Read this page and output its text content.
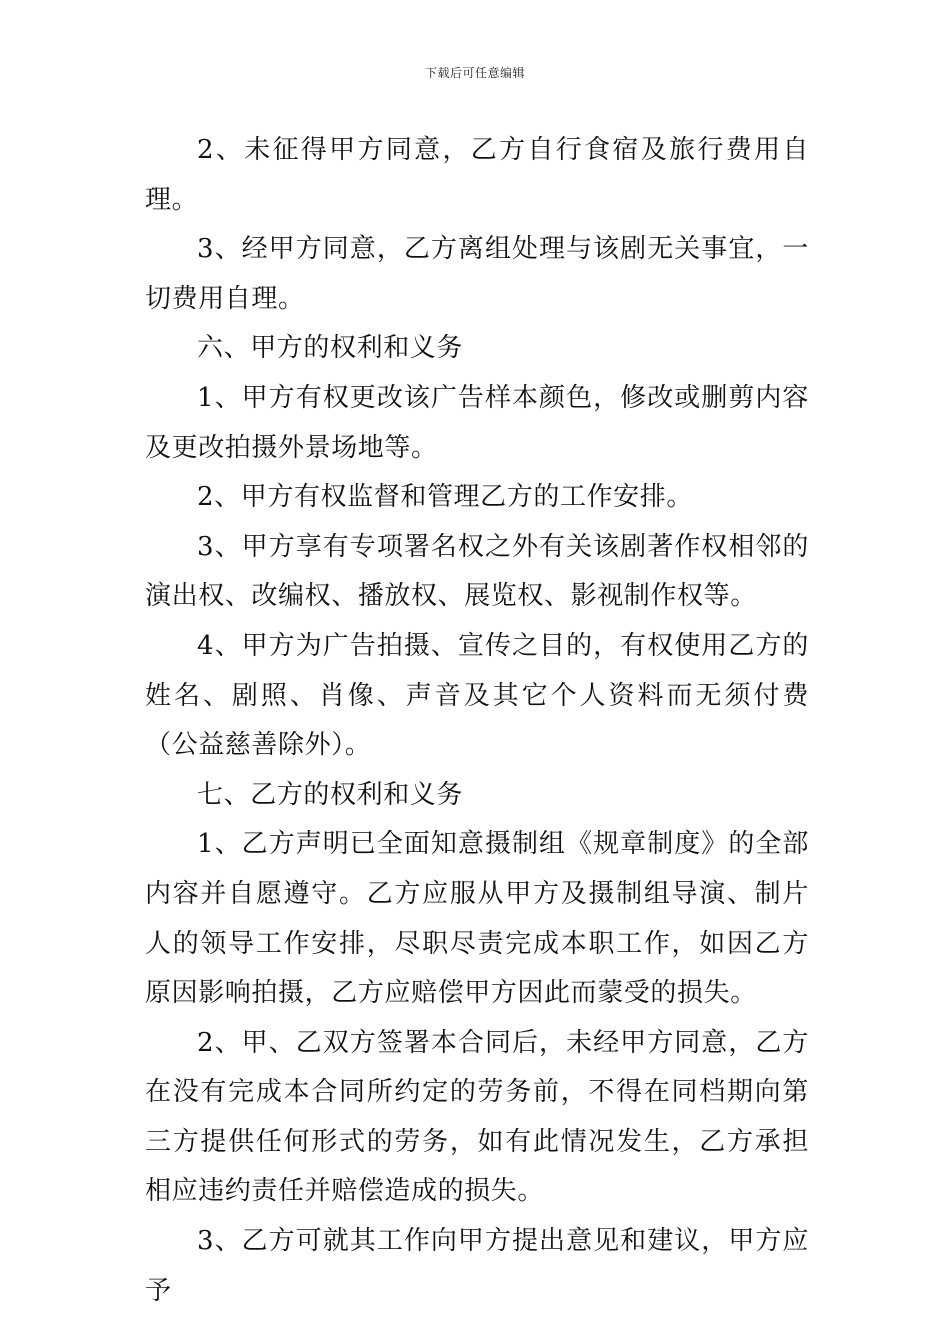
下载后可任意编辑

2、未征得甲方同意，乙方自行食宿及旅行费用自理。

3、经甲方同意，乙方离组处理与该剧无关事宜，一切费用自理。

六、甲方的权利和义务

1、甲方有权更改该广告样本颜色，修改或删剪内容及更改拍摄外景场地等。

2、甲方有权监督和管理乙方的工作安排。

3、甲方享有专项署名权之外有关该剧著作权相邻的演出权、改编权、播放权、展览权、影视制作权等。

4、甲方为广告拍摄、宣传之目的，有权使用乙方的姓名、剧照、肖像、声音及其它个人资料而无须付费（公益慈善除外）。

七、乙方的权利和义务

1、乙方声明已全面知意摄制组《规章制度》的全部内容并自愿遵守。乙方应服从甲方及摄制组导演、制片人的领导工作安排，尽职尽责完成本职工作，如因乙方原因影响拍摄，乙方应赔偿甲方因此而蒙受的损失。

2、甲、乙双方签署本合同后，未经甲方同意，乙方在没有完成本合同所约定的劳务前，不得在同档期向第三方提供任何形式的劳务，如有此情况发生，乙方承担相应违约责任并赔偿造成的损失。

3、乙方可就其工作向甲方提出意见和建议，甲方应予
